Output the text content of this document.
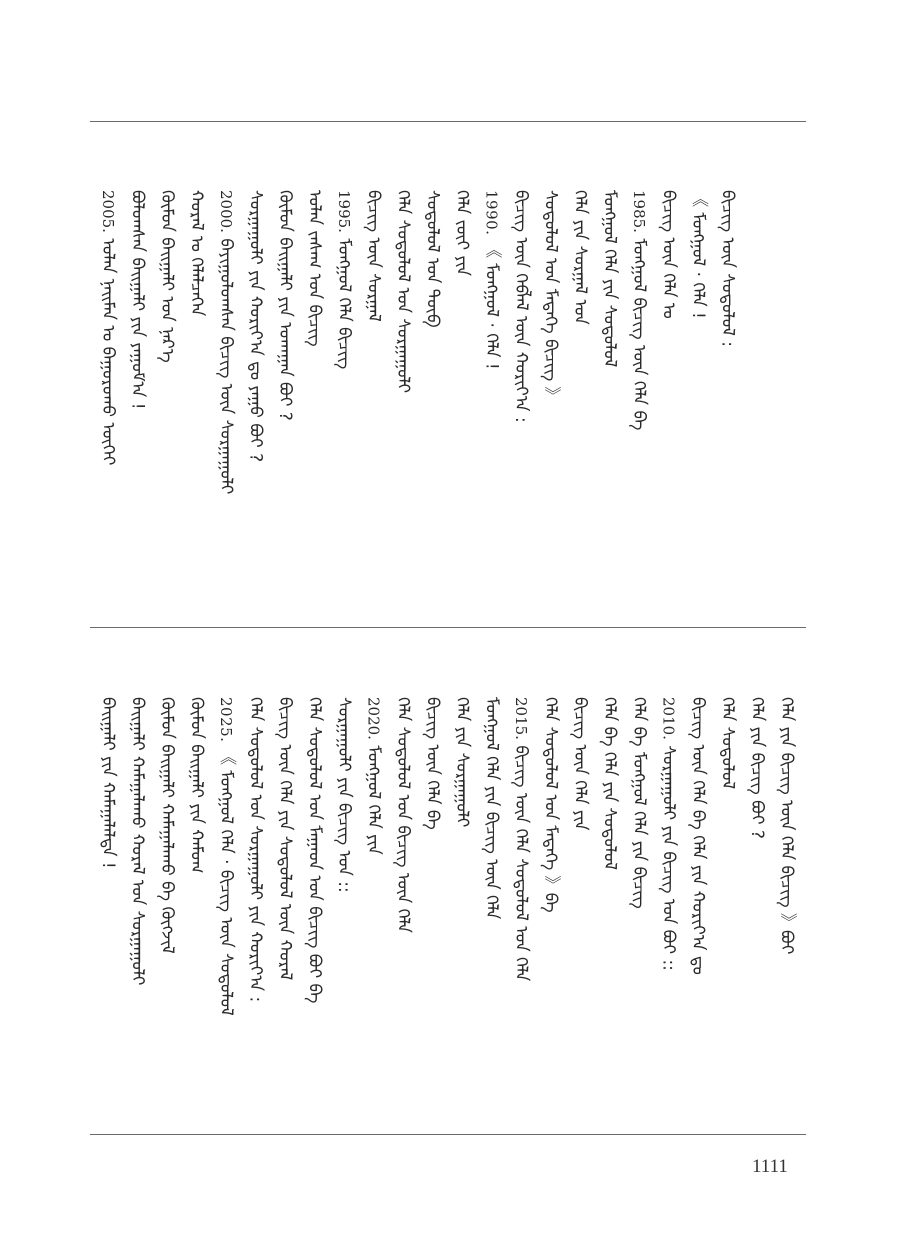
2005. ᠤᠯᠠᠨ ᠨᠠᠢᠮᠠᠨ ᠤ ᠪᠠᠭᠤᠷᠤᠬᠤ ᠦᠭᠡᠢ ᠪᠤᠯᠤᠭᠰᠠᠨ ᠪᠠᠢᠭᠠᠯᠢ ᠶᠢᠨ ᠶᠠᠭᠤᠮ᠎ᠠ ! ᠬᠦᠮᠦᠨ ᠪᠠᠢᠭᠠᠯᠢ ᠤᠨ ᠨᠡᠷ᠎ᠡ ᠬᠤᠷᠠᠯ ᠤ ᠬᠡᠯᠡᠯᠴᠡᠭᠡᠨ 2000. ᠪᠠᠶᠢᠭᠤᠯᠤᠭᠰᠠᠨ ᠪᠢᠴᠢᠭ ᠦᠨ ᠰᠤᠷᠭᠠᠭᠤᠯᠢ ᠰᠤᠷᠭᠠᠭᠤᠯᠢ ᠶᠢᠨ ᠬᠤᠷᠢᠶ᠎ᠠ ᠳᠤ ᠶᠠᠭᠤ ᠪᠤᠢ ? ᠬᠦᠮᠦᠨ ᠪᠠᠢᠭᠠᠯᠢ ᠶᠢᠨ ᠤᠬᠠᠭᠠᠨ ᠪᠤᠢ ? ᠤᠯᠠᠨ ᠵᠠᠰᠠᠭ ᠤᠨ ᠪᠢᠴᠢᠭ 1995. ᠮᠣᠩᠭᠣᠯ ᠬᠡᠯᠡ ᠪᠢᠴᠢᠭ ᠪᠢᠴᠢᠭ ᠦᠨ ᠰᠤᠷᠭᠠᠯ ᠬᠡᠯᠡ ᠰᠤᠳᠤᠯᠤᠯ ᠤᠨ ᠰᠤᠷᠭᠠᠭᠤᠯᠢ ᠰᠤᠳᠤᠯᠤᠯ ᠤᠨ ᠲᠦᠪ ᠬᠡᠯᠡ ᠵᠦᠢ ᠶᠢᠨ 1990. 《 ᠮᠣᠩᠭᠣᠯ · ᠬᠡᠯᠡ ! ᠪᠢᠴᠢᠭ ᠦᠨ ᠬᠡᠪᠯᠡᠯ ᠦᠨ ᠬᠤᠷᠢᠶ᠎ᠠ : ᠰᠤᠳᠤᠯᠤᠯ ᠤᠨ ᠮᠡᠳᠡᠭᠡ ᠪᠢᠴᠢᠭ 》 ᠬᠡᠯᠡ ᠶᠢᠨ ᠰᠤᠷᠭᠠᠯ ᠤᠨ ᠮᠣᠩᠭᠣᠯ ᠬᠡᠯᠡ ᠶᠢᠨ ᠰᠤᠳᠤᠯᠤᠯ 1985. ᠮᠣᠩᠭᠣᠯ ᠪᠢᠴᠢᠭ ᠦᠨ ᠬᠡᠯᠡ ᠪᠠ ᠪᠢᠴᠢᠭ ᠦᠨ ᠬᠡᠯᠡ ᠤ 《 ᠮᠣᠩᠭᠣᠯ · ᠬᠡᠯᠡ ! ᠪᠢᠴᠢᠭ ᠦᠨ ᠰᠤᠳᠤᠯᠤᠯ :
ᠪᠠᠢᠭᠠᠯᠢ ᠶᠢᠨ ᠬᠠᠮᠠᠭᠠᠯᠠᠯᠲᠠ ! ᠪᠠᠢᠭᠠᠯᠢ ᠬᠠᠮᠠᠭᠠᠯᠠᠬᠤ ᠬᠤᠷᠠᠯ ᠤᠨ ᠰᠤᠷᠭᠠᠭᠤᠯᠢ ᠬᠦᠮᠦᠨ ᠪᠠᠢᠭᠠᠯᠢ ᠬᠠᠮᠠᠭᠠᠯᠠᠬᠤ ᠪᠠ ᠬᠦᠭᠵᠢᠯ ᠬᠦᠮᠦᠨ ᠪᠠᠢᠭᠠᠯᠢ ᠶᠢᠨ ᠬᠠᠮᠤᠭ 2025. 《 ᠮᠣᠩᠭᠣᠯ ᠬᠡᠯᠡ · ᠪᠢᠴᠢᠭ ᠦᠨ ᠰᠤᠳᠤᠯᠤᠯ ᠬᠡᠯᠡ ᠰᠤᠳᠤᠯᠤᠯ ᠤᠨ ᠰᠤᠷᠭᠠᠭᠤᠯᠢ ᠶᠢᠨ ᠬᠤᠷᠢᠶ᠎ᠠ : ᠪᠢᠴᠢᠭ ᠦᠨ ᠬᠡᠯᠡ ᠶᠢᠨ ᠰᠤᠳᠤᠯᠤᠯ ᠦᠨ ᠬᠤᠷᠠᠯ ᠬᠡᠯᠡ ᠰᠤᠳᠤᠯᠤᠯ ᠤᠨ ᠮᠠᠭᠠᠳ ᠤᠨ ᠪᠢᠴᠢᠭ ᠪᠤᠢ ᠪᠠ ᠰᠤᠷᠭᠠᠭᠤᠯᠢ ᠶᠢᠨ ᠪᠢᠴᠢᠭ ᠤᠨ :: 2020. ᠮᠣᠩᠭᠣᠯ ᠬᠡᠯᠡ ᠶᠢᠨ ᠬᠡᠯᠡ ᠰᠤᠳᠤᠯᠤᠯ ᠤᠨ ᠪᠢᠴᠢᠭ ᠦᠨ ᠬᠡᠯᠡ ᠪᠢᠴᠢᠭ ᠦᠨ ᠬᠡᠯᠡ ᠪᠠ ᠬᠡᠯᠡ ᠶᠢᠨ ᠰᠤᠷᠭᠠᠭᠤᠯᠢ ᠮᠣᠩᠭᠣᠯ ᠬᠡᠯᠡ ᠶᠢᠨ ᠪᠢᠴᠢᠭ ᠦᠨ ᠬᠡᠯᠡ 2015. ᠪᠢᠴᠢᠭ ᠦᠨ ᠬᠡᠯᠡ ᠰᠤᠳᠤᠯᠤᠯ ᠤᠨ ᠬᠡᠯᠡ ᠬᠡᠯᠡ ᠰᠤᠳᠤᠯᠤᠯ ᠤᠨ ᠮᠡᠳᠡᠭᠡ 》ᠪᠠ ᠪᠢᠴᠢᠭ ᠦᠨ ᠬᠡᠯᠡ ᠶᠢᠨ ᠬᠡᠯᠡ ᠪᠠ ᠬᠡᠯᠡ ᠶᠢᠨ ᠰᠤᠳᠤᠯᠤᠯ ᠬᠡᠯᠡ ᠪᠠ ᠮᠣᠩᠭᠣᠯ ᠬᠡᠯᠡ ᠶᠢᠨ ᠪᠢᠴᠢᠭ 2010. ᠰᠤᠷᠭᠠᠭᠤᠯᠢ ᠶᠢᠨ ᠪᠢᠴᠢᠭ ᠤᠨ ᠪᠤᠢ :: ᠪᠢᠴᠢᠭ ᠦᠨ ᠬᠡᠯᠡ ᠪᠠ ᠬᠡᠯᠡ ᠶᠢᠨ ᠬᠤᠷᠢᠶ᠎ᠠ ᠳᠤ ᠬᠡᠯᠡ ᠰᠤᠳᠤᠯᠤᠯ ᠬᠡᠯᠡ ᠶᠢᠨ ᠪᠢᠴᠢᠭ ᠪᠤᠢ ? ᠬᠡᠯᠡ ᠶᠢᠨ ᠪᠢᠴᠢᠭ ᠦᠨ ᠬᠡᠯᠡ ᠪᠢᠴᠢᠭ 》ᠪᠤᠢ
1111
